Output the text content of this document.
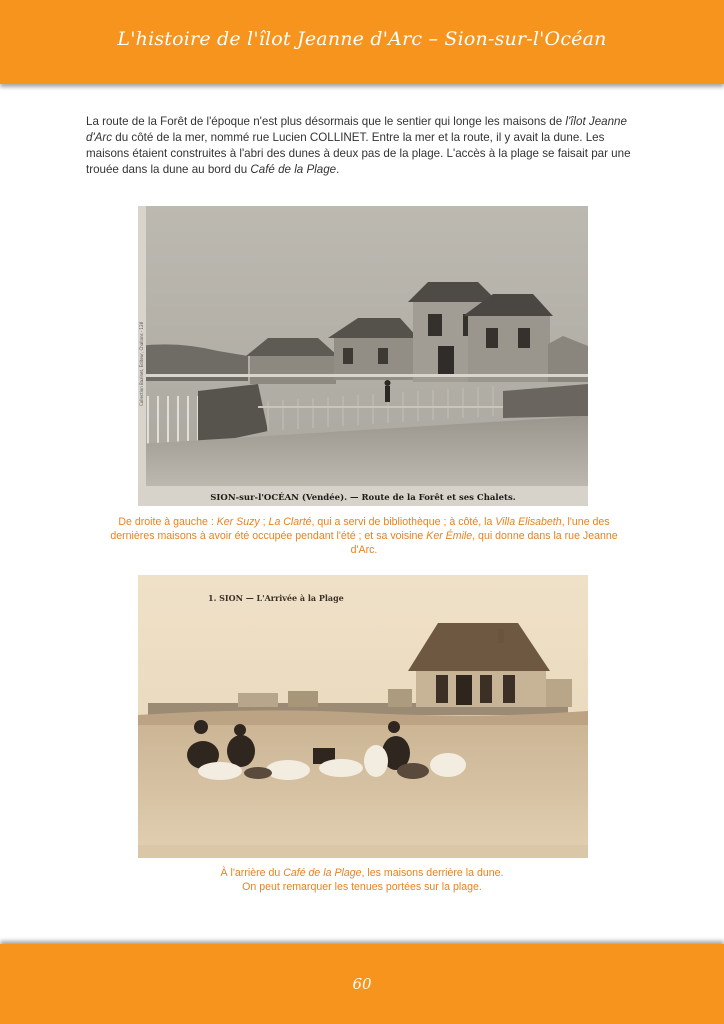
L'histoire de l'îlot Jeanne d'Arc – Sion-sur-l'Océan
La route de la Forêt de l'époque n'est plus désormais que le sentier qui longe les maisons de l'îlot Jeanne d'Arc du côté de la mer, nommé rue Lucien COLLINET. Entre la mer et la route, il y avait la dune. Les maisons étaient construites à l'abri des dunes à deux pas de la plage. L'accès à la plage se faisait par une trouée dans la dune au bord du Café de la Plage.
Collection Bazinet, Éditeur, Challans - 128
SION-sur-l'OCÉAN (Vendée). — Route de la Forêt et ses Chalets.
De droite à gauche : Ker Suzy ; La Clarté, qui a servi de bibliothèque ; à côté, la Villa Elisabeth, l'une des dernières maisons à avoir été occupée pendant l'été ; et sa voisine Ker Émile, qui donne dans la rue Jeanne d'Arc.
1. SION — L'Arrivée à la Plage
À l'arrière du Café de la Plage, les maisons derrière la dune.
On peut remarquer les tenues portées sur la plage.
60
